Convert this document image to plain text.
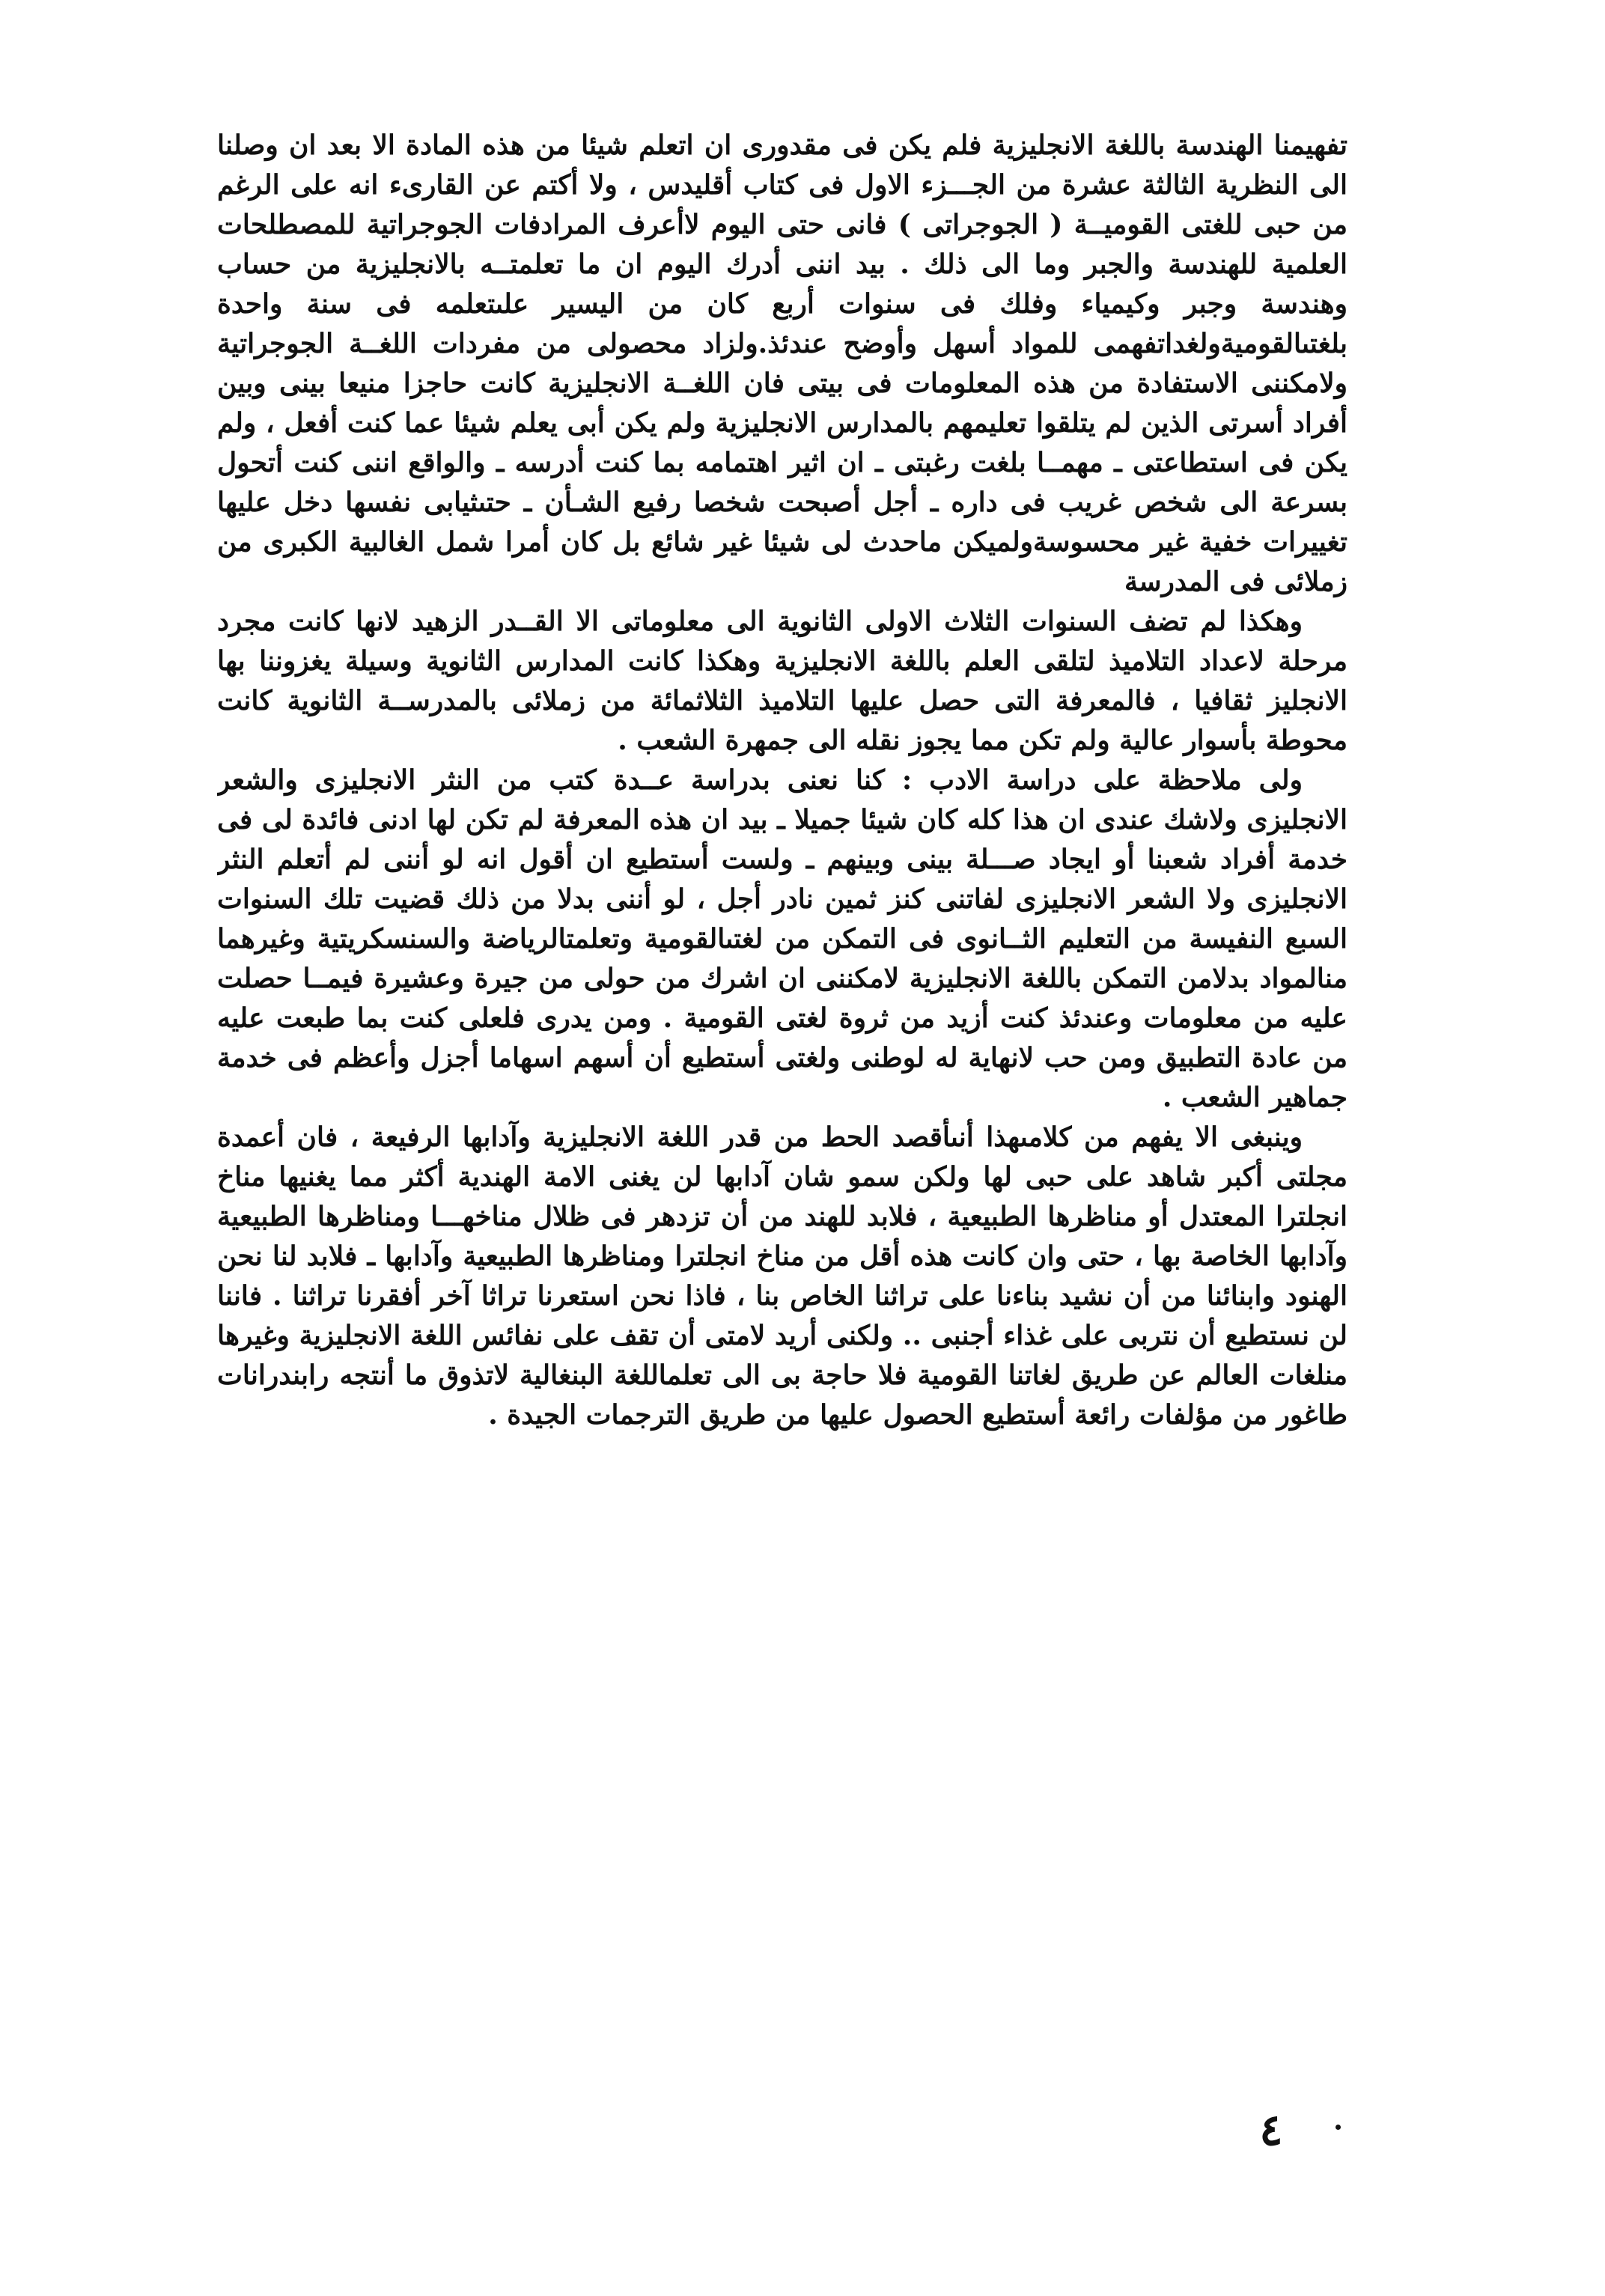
تفهيمنا الهندسة باللغة الانجليزية فلم يكن فى مقدورى ان اتعلم شيئا من هذه المادة الا بعد ان وصلنا الى النظرية الثالثة عشرة من الجـــزء الاول فى كتاب أقليدس ، ولا أكتم عن القارىء انه على الرغم من حبى للغتى القوميــة ( الجوجراتى ) فانى حتى اليوم لاأعرف المرادفات الجوجراتية للمصطلحات العلمية للهندسة والجبر وما الى ذلك . بيد اننى أدرك اليوم ان ما تعلمتــه بالانجليزية من حساب وهندسة وجبر وكيمياء وفلك فى سنوات أربع كان من اليسير علىتعلمه فى سنة واحدة بلغتىالقوميةولغداتفهمى للمواد أسهل وأوضح عندئذ.ولزاد محصولى من مفردات اللغــة الجوجراتية ولامكننى الاستفادة من هذه المعلومات فى بيتى فان اللغــة الانجليزية كانت حاجزا منيعا بينى وبين أفراد أسرتى الذين لم يتلقوا تعليمهم بالمدارس الانجليزية ولم يكن أبى يعلم شيئا عما كنت أفعل ، ولم يكن فى استطاعتى ـ مهمــا بلغت رغبتى ـ ان اثير اهتمامه بما كنت أدرسه ـ والواقع اننى كنت أتحول بسرعة الى شخص غريب فى داره ـ أجل أصبحت شخصا رفيع الشـأن ـ حتىثيابى نفسها دخل عليها تغييرات خفية غير محسوسةولميكن ماحدث لى شيئا غير شائع بل كان أمرا شمل الغالبية الكبرى من زملائى فى المدرسة

وهكذا لم تضف السنوات الثلاث الاولى الثانوية الى معلوماتى الا القــدر الزهيد لانها كانت مجرد مرحلة لاعداد التلاميذ لتلقى العلم باللغة الانجليزية وهكذا كانت المدارس الثانوية وسيلة يغزوننا بها الانجليز ثقافيا ، فالمعرفة التى حصل عليها التلاميذ الثلاثمائة من زملائى بالمدرســة الثانوية كانت محوطة بأسوار عالية ولم تكن مما يجوز نقله الى جمهرة الشعب .

ولى ملاحظة على دراسة الادب : كنا نعنى بدراسة عــدة كتب من النثر الانجليزى والشعر الانجليزى ولاشك عندى ان هذا كله كان شيئا جميلا ـ بيد ان هذه المعرفة لم تكن لها ادنى فائدة لى فى خدمة أفراد شعبنا أو ايجاد صـــلة بينى وبينهم ـ ولست أستطيع ان أقول انه لو أننى لم أتعلم النثر الانجليزى ولا الشعر الانجليزى لفاتنى كنز ثمين نادر أجل ، لو أننى بدلا من ذلك قضيت تلك السنوات السبع النفيسة من التعليم الثــانوى فى التمكن من لغتىالقومية وتعلمتالرياضة والسنسكريتية وغيرهما منالمواد بدلامن التمكن باللغة الانجليزية لامكننى ان اشرك من حولى من جيرة وعشيرة فيمــا حصلت عليه من معلومات وعندئذ كنت أزيد من ثروة لغتى القومية . ومن يدرى فلعلى كنت بما طبعت عليه من عادة التطبيق ومن حب لانهاية له لوطنى ولغتى أستطيع أن أسهم اسهاما أجزل وأعظم فى خدمة جماهير الشعب .

وينبغى الا يفهم من كلامىهذا أنىأقصد الحط من قدر اللغة الانجليزية وآدابها الرفيعة ، فان أعمدة مجلتى أكبر شاهد على حبى لها ولكن سمو شان آدابها لن يغنى الامة الهندية أكثر مما يغنيها مناخ انجلترا المعتدل أو مناظرها الطبيعية ، فلابد للهند من أن تزدهر فى ظلال مناخهـــا ومناظرها الطبيعية وآدابها الخاصة بها ، حتى وان كانت هذه أقل من مناخ انجلترا ومناظرها الطبيعية وآدابها ـ فلابد لنا نحن الهنود وابنائنا من أن نشيد بناءنا على تراثنا الخاص بنا ، فاذا نحن استعرنا تراثا آخر أفقرنا تراثنا . فاننا لن نستطيع أن نتربى على غذاء أجنبى .. ولكنى أريد لامتى أن تقف على نفائس اللغة الانجليزية وغيرها منلغات العالم عن طريق لغاتنا القومية فلا حاجة بى الى تعلماللغة البنغالية لاتذوق ما أنتجه رابندرانات طاغور من مؤلفات رائعة أستطيع الحصول عليها من طريق الترجمات الجيدة .

٤
